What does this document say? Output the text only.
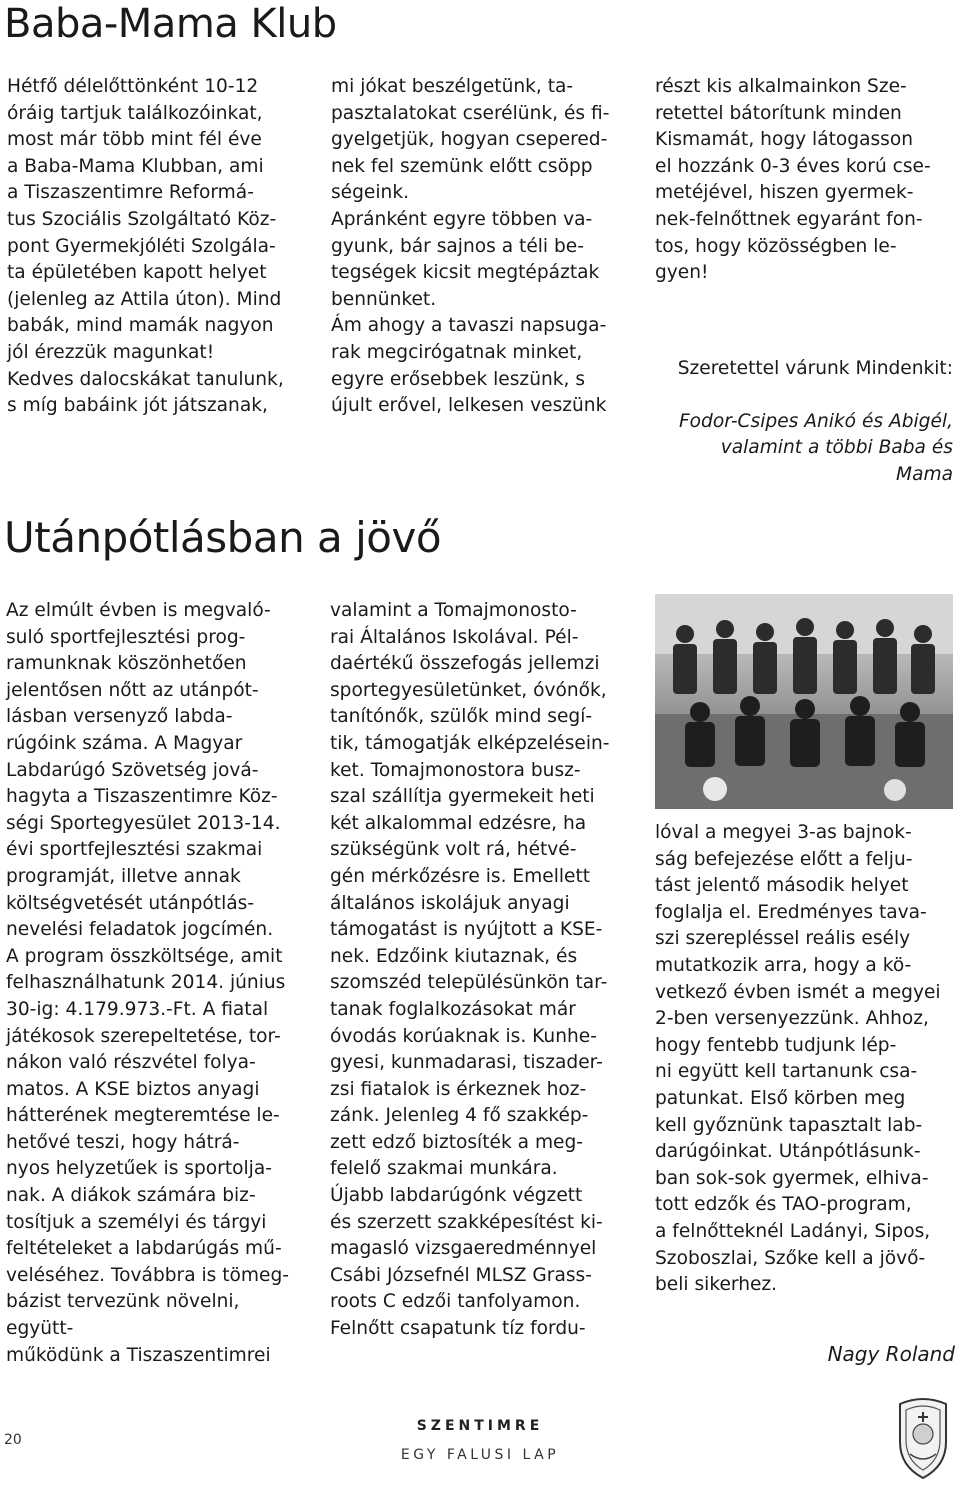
Baba-Mama Klub

Hétfő délelőttönként 10-12
óráig tartjuk találkozóinkat,
most már több mint fél éve
a Baba-Mama Klubban, ami
a Tiszaszentimre Reformá-
tus Szociális Szolgáltató Köz-
pont Gyermekjóléti Szolgála-
ta épületében kapott helyet
(jelenleg az Attila úton). Mind
babák, mind mamák nagyon
jól érezzük magunkat!
Kedves dalocskákat tanulunk,
s míg babáink jót játszanak,

mi jókat beszélgetünk, ta-
pasztalatokat cserélünk, és fi-
gyelgetjük, hogyan csepered-
nek fel szemünk előtt csöpp
ségeink.
Apránként egyre többen va-
gyunk, bár sajnos a téli be-
tegségek kicsit megtépáztak
bennünket.
Ám ahogy a tavaszi napsuga-
rak megcirógatnak minket,
egyre erősebbek leszünk, s
újult erővel, lelkesen veszünk

részt kis alkalmainkon Sze-
retettel bátorítunk minden
Kismamát, hogy látogasson
el hozzánk 0-3 éves korú cse-
metéjével, hiszen gyermek-
nek-felnőttnek egyaránt fon-
tos, hogy közösségben le-
gyen!

Szeretettel várunk Mindenkit:

Fodor-Csipes Anikó és Abigél,
valamint a többi Baba és
Mama

Utánpótlásban a jövő

Az elmúlt évben is megvaló-
suló sportfejlesztési prog-
ramunknak köszönhetően
jelentősen nőtt az utánpót-
lásban versenyző labda-
rúgóink száma. A Magyar
Labdarúgó Szövetség jová-
hagyta a Tiszaszentimre Köz-
ségi Sportegyesület 2013-14.
évi sportfejlesztési szakmai
programját, illetve annak
költségvetését utánpótlás-
nevelési feladatok jogcímén.
A program összköltsége, amit
felhasználhatunk 2014. június
30-ig: 4.179.973.-Ft. A fiatal
játékosok szerepeltetése, tor-
nákon való részvétel folya-
matos. A KSE biztos anyagi
hátterének megteremtése le-
hetővé teszi, hogy hátrá-
nyos helyzetűek is sportolja-
nak. A diákok számára biz-
tosítjuk a személyi és tárgyi
feltételeket a labdarúgás mű-
veléséhez. Továbbra is tömeg-
bázist tervezünk növelni, együtt-
működünk a Tiszaszentimrei

valamint a Tomajmonosto-
rai Általános Iskolával. Pél-
daértékű összefogás jellemzi
sportegyesületünket, óvónők,
tanítónők, szülők mind segí-
tik, támogatják elképzelésein-
ket. Tomajmonostora busz-
szal szállítja gyermekeit heti
két alkalommal edzésre, ha
szükségünk volt rá, hétvé-
gén mérkőzésre is. Emellett
általános iskolájuk anyagi
támogatást is nyújtott a KSE-
nek. Edzőink kiutaznak, és
szomszéd településünkön tar-
tanak foglalkozásokat már
óvodás korúaknak is. Kunhe-
gyesi, kunmadarasi, tiszader-
zsi fiatalok is érkeznek hoz-
zánk. Jelenleg 4 fő szakkép-
zett edző biztosíték a meg-
felelő szakmai munkára.
Újabb labdarúgónk végzett
és szerzett szakképesítést ki-
magasló vizsgaeredménnyel
Csábi Józsefnél MLSZ Grass-
roots C edzői tanfolyamon.
Felnőtt csapatunk tíz fordu-

lóval a megyei 3-as bajnok-
ság befejezése előtt a felju-
tást jelentő második helyet
foglalja el. Eredményes tava-
szi szerepléssel reális esély
mutatkozik arra, hogy a kö-
vetkező évben ismét a megyei
2-ben versenyezzünk. Ahhoz,
hogy fentebb tudjunk lép-
ni együtt kell tartanunk csa-
patunkat. Első körben meg
kell győznünk tapasztalt lab-
darúgóinkat. Utánpótlásunk-
ban sok-sok gyermek, elhiva-
tott edzők és TAO-program,
a felnőtteknél Ladányi, Sipos,
Szoboszlai, Szőke kell a jövő-
beli sikerhez.

Nagy Roland

20

SZENTIMRE

EGY FALUSI LAP
